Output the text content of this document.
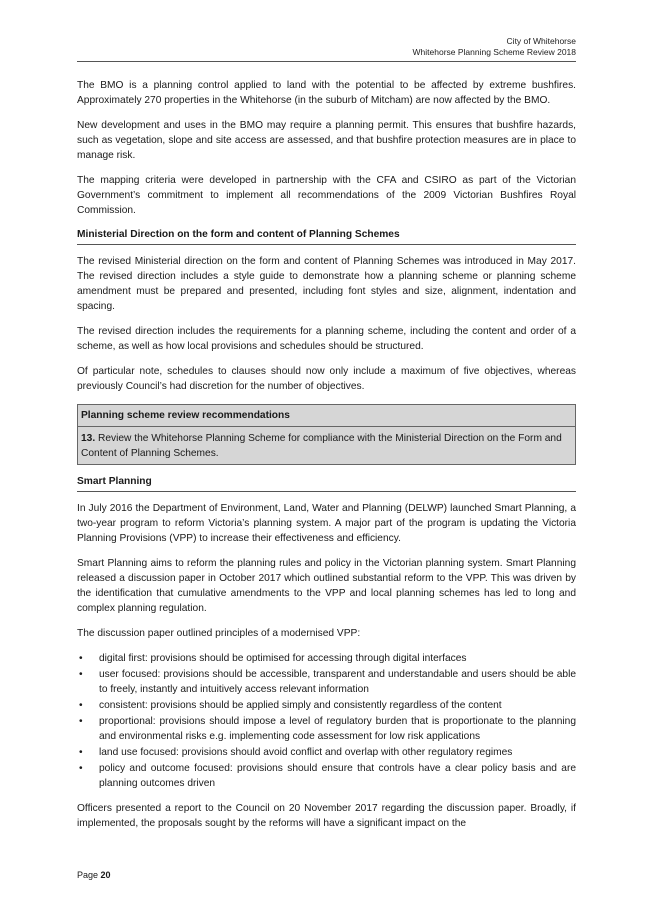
City of Whitehorse
Whitehorse Planning Scheme Review 2018

The BMO is a planning control applied to land with the potential to be affected by extreme bushfires. Approximately 270 properties in the Whitehorse (in the suburb of Mitcham) are now affected by the BMO.

New development and uses in the BMO may require a planning permit. This ensures that bushfire hazards, such as vegetation, slope and site access are assessed, and that bushfire protection measures are in place to manage risk.

The mapping criteria were developed in partnership with the CFA and CSIRO as part of the Victorian Government’s commitment to implement all recommendations of the 2009 Victorian Bushfires Royal Commission.

Ministerial Direction on the form and content of Planning Schemes

The revised Ministerial direction on the form and content of Planning Schemes was introduced in May 2017. The revised direction includes a style guide to demonstrate how a planning scheme or planning scheme amendment must be prepared and presented, including font styles and size, alignment, indentation and spacing.

The revised direction includes the requirements for a planning scheme, including the content and order of a scheme, as well as how local provisions and schedules should be structured.

Of particular note, schedules to clauses should now only include a maximum of five objectives, whereas previously Council’s had discretion for the number of objectives.

Planning scheme review recommendations
13. Review the Whitehorse Planning Scheme for compliance with the Ministerial Direction on the Form and Content of Planning Schemes.
Smart Planning

In July 2016 the Department of Environment, Land, Water and Planning (DELWP) launched Smart Planning, a two-year program to reform Victoria’s planning system. A major part of the program is updating the Victoria Planning Provisions (VPP) to increase their effectiveness and efficiency.

Smart Planning aims to reform the planning rules and policy in the Victorian planning system. Smart Planning released a discussion paper in October 2017 which outlined substantial reform to the VPP. This was driven by the identification that cumulative amendments to the VPP and local planning schemes has led to long and complex planning regulation.

The discussion paper outlined principles of a modernised VPP:

• digital first: provisions should be optimised for accessing through digital interfaces
• user focused: provisions should be accessible, transparent and understandable and users should be able to freely, instantly and intuitively access relevant information
• consistent: provisions should be applied simply and consistently regardless of the content
• proportional: provisions should impose a level of regulatory burden that is proportionate to the planning and environmental risks e.g. implementing code assessment for low risk applications
• land use focused: provisions should avoid conflict and overlap with other regulatory regimes
• policy and outcome focused: provisions should ensure that controls have a clear policy basis and are planning outcomes driven

Officers presented a report to the Council on 20 November 2017 regarding the discussion paper. Broadly, if implemented, the proposals sought by the reforms will have a significant impact on the

Page 20
